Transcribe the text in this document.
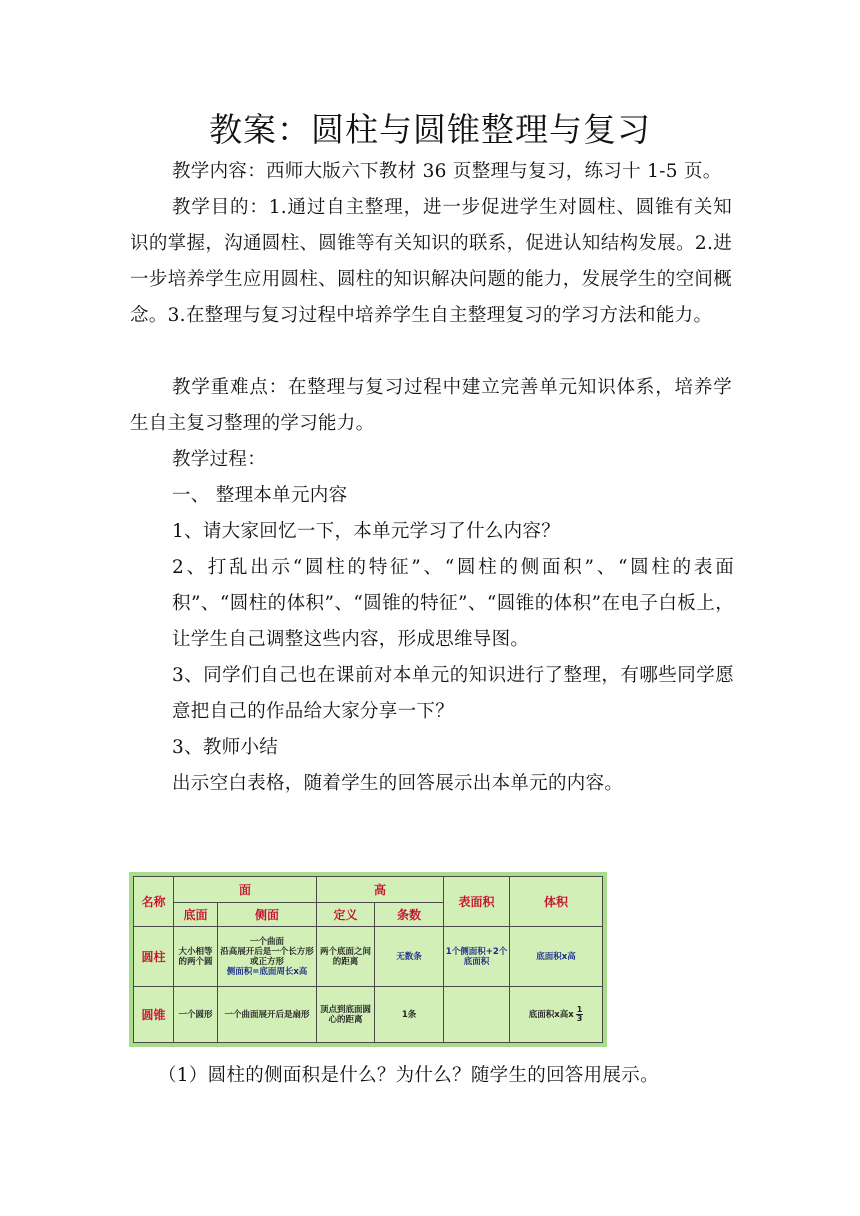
教案：圆柱与圆锥整理与复习

教学内容：西师大版六下教材 36 页整理与复习，练习十 1-5 页。

教学目的：1.通过自主整理，进一步促进学生对圆柱、圆锥有关知识的掌握，沟通圆柱、圆锥等有关知识的联系，促进认知结构发展。2.进一步培养学生应用圆柱、圆柱的知识解决问题的能力，发展学生的空间概念。3.在整理与复习过程中培养学生自主整理复习的学习方法和能力。

教学重难点：在整理与复习过程中建立完善单元知识体系，培养学生自主复习整理的学习能力。

教学过程：

一、 整理本单元内容

1、请大家回忆一下，本单元学习了什么内容？

2、打乱出示“圆柱的特征”、“圆柱的侧面积”、“圆柱的表面积”、“圆柱的体积”、“圆锥的特征”、“圆锥的体积”在电子白板上，让学生自己调整这些内容，形成思维导图。

3、同学们自己也在课前对本单元的知识进行了整理，有哪些同学愿意把自己的作品给大家分享一下？

3、教师小结

出示空白表格，随着学生的回答展示出本单元的内容。

名称	面		高		表面积	体积
	底面	侧面	定义	条数		
圆柱	大小相等的两个圆	一个曲面
沿高展开后是一个长方形或正方形
侧面积=底面周长x高	两个底面之间的距离	无数条	1个侧面积+2个底面积	底面积x高
圆锥	一个圆形	一个曲面展开后是扇形	顶点到底面圆心的距离	1条		底面积x高x $\frac{1}{3}$

（1）圆柱的侧面积是什么？为什么？随学生的回答用展示。
